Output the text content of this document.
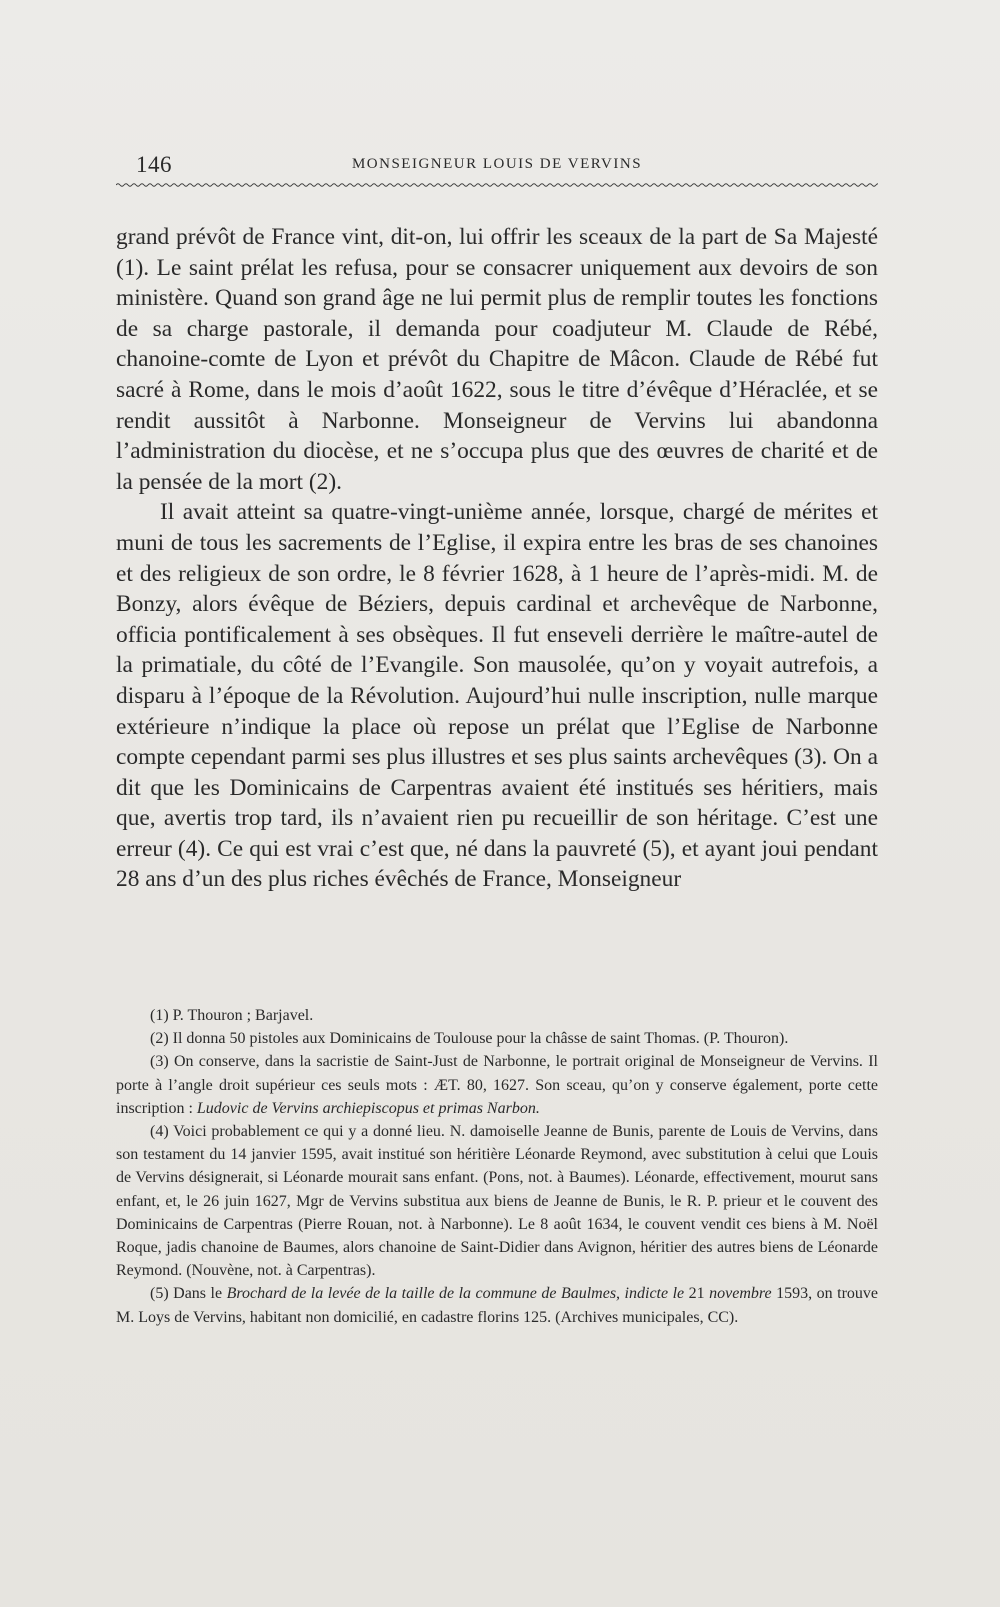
146	MONSEIGNEUR LOUIS DE VERVINS

grand prévôt de France vint, dit-on, lui offrir les sceaux de la part de Sa Majesté (1). Le saint prélat les refusa, pour se consacrer uniquement aux devoirs de son ministère. Quand son grand âge ne lui permit plus de remplir toutes les fonctions de sa charge pastorale, il demanda pour coadjuteur M. Claude de Rébé, chanoine-comte de Lyon et prévôt du Chapitre de Mâcon. Claude de Rébé fut sacré à Rome, dans le mois d’août 1622, sous le titre d’évêque d’Héraclée, et se rendit aussitôt à Narbonne. Monseigneur de Vervins lui abandonna l’administration du diocèse, et ne s’occupa plus que des œuvres de charité et de la pensée de la mort (2).

Il avait atteint sa quatre-vingt-unième année, lorsque, chargé de mérites et muni de tous les sacrements de l’Eglise, il expira entre les bras de ses chanoines et des religieux de son ordre, le 8 février 1628, à 1 heure de l’après-midi. M. de Bonzy, alors évêque de Béziers, depuis cardinal et archevêque de Narbonne, officia pontificalement à ses obsèques. Il fut enseveli derrière le maître-autel de la primatiale, du côté de l’Evangile. Son mausolée, qu’on y voyait autrefois, a disparu à l’époque de la Révolution. Aujourd’hui nulle inscription, nulle marque extérieure n’indique la place où repose un prélat que l’Eglise de Narbonne compte cependant parmi ses plus illustres et ses plus saints archevêques (3). On a dit que les Dominicains de Carpentras avaient été institués ses héritiers, mais que, avertis trop tard, ils n’avaient rien pu recueillir de son héritage. C’est une erreur (4). Ce qui est vrai c’est que, né dans la pauvreté (5), et ayant joui pendant 28 ans d’un des plus riches évêchés de France, Monseigneur

(1) P. Thouron ; Barjavel.

(2) Il donna 50 pistoles aux Dominicains de Toulouse pour la châsse de saint Thomas. (P. Thouron).

(3) On conserve, dans la sacristie de Saint-Just de Narbonne, le portrait original de Monseigneur de Vervins. Il porte à l’angle droit supérieur ces seuls mots : ÆT. 80, 1627. Son sceau, qu’on y conserve également, porte cette inscription : Ludovic de Vervins archiepiscopus et primas Narbon.

(4) Voici probablement ce qui y a donné lieu. N. damoiselle Jeanne de Bunis, parente de Louis de Vervins, dans son testament du 14 janvier 1595, avait institué son héritière Léonarde Reymond, avec substitution à celui que Louis de Vervins désignerait, si Léonarde mourait sans enfant. (Pons, not. à Baumes). Léonarde, effectivement, mourut sans enfant, et, le 26 juin 1627, Mgr de Vervins substitua aux biens de Jeanne de Bunis, le R. P. prieur et le couvent des Dominicains de Carpentras (Pierre Rouan, not. à Narbonne). Le 8 août 1634, le couvent vendit ces biens à M. Noël Roque, jadis chanoine de Baumes, alors chanoine de Saint-Didier dans Avignon, héritier des autres biens de Léonarde Reymond. (Nouvène, not. à Carpentras).

(5) Dans le Brochard de la levée de la taille de la commune de Baulmes, indicte le 21 novembre 1593, on trouve M. Loys de Vervins, habitant non domicilié, en cadastre florins 125. (Archives municipales, CC).
